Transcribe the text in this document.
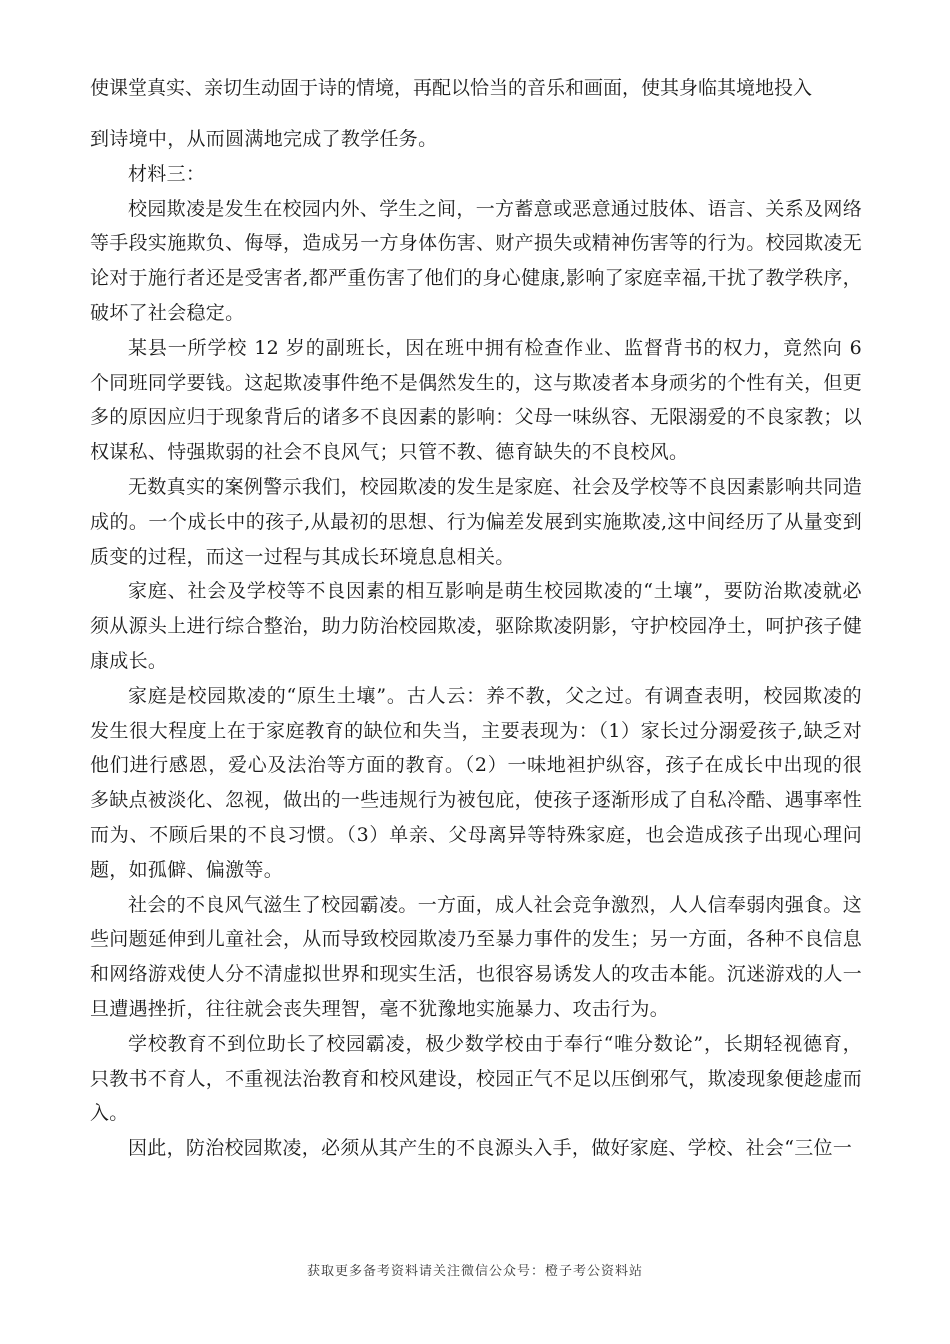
使课堂真实、亲切生动固于诗的情境，再配以恰当的音乐和画面，使其身临其境地投入

到诗境中，从而圆满地完成了教学任务。

材料三：

校园欺凌是发生在校园内外、学生之间，一方蓄意或恶意通过肢体、语言、关系及网络等手段实施欺负、侮辱，造成另一方身体伤害、财产损失或精神伤害等的行为。校园欺凌无论对于施行者还是受害者,都严重伤害了他们的身心健康,影响了家庭幸福,干扰了教学秩序，破坏了社会稳定。

某县一所学校 12 岁的副班长，因在班中拥有检查作业、监督背书的权力，竟然向 6 个同班同学要钱。这起欺凌事件绝不是偶然发生的，这与欺凌者本身顽劣的个性有关，但更多的原因应归于现象背后的诸多不良因素的影响：父母一味纵容、无限溺爱的不良家教；以权谋私、恃强欺弱的社会不良风气；只管不教、德育缺失的不良校风。

无数真实的案例警示我们，校园欺凌的发生是家庭、社会及学校等不良因素影响共同造成的。一个成长中的孩子,从最初的思想、行为偏差发展到实施欺凌,这中间经历了从量变到质变的过程，而这一过程与其成长环境息息相关。

家庭、社会及学校等不良因素的相互影响是萌生校园欺凌的“土壤”，要防治欺凌就必须从源头上进行综合整治，助力防治校园欺凌，驱除欺凌阴影，守护校园净土，呵护孩子健康成长。

家庭是校园欺凌的“原生土壤”。古人云：养不教，父之过。有调查表明，校园欺凌的发生很大程度上在于家庭教育的缺位和失当，主要表现为：（1）家长过分溺爱孩子,缺乏对他们进行感恩，爱心及法治等方面的教育。（2）一味地袒护纵容，孩子在成长中出现的很多缺点被淡化、忽视，做出的一些违规行为被包庇，使孩子逐渐形成了自私冷酷、遇事率性而为、不顾后果的不良习惯。（3）单亲、父母离异等特殊家庭，也会造成孩子出现心理问题，如孤僻、偏激等。

社会的不良风气滋生了校园霸凌。一方面，成人社会竞争激烈，人人信奉弱肉强食。这些问题延伸到儿童社会，从而导致校园欺凌乃至暴力事件的发生；另一方面，各种不良信息和网络游戏使人分不清虚拟世界和现实生活，也很容易诱发人的攻击本能。沉迷游戏的人一旦遭遇挫折，往往就会丧失理智，毫不犹豫地实施暴力、攻击行为。

学校教育不到位助长了校园霸凌，极少数学校由于奉行“唯分数论”，长期轻视德育，只教书不育人，不重视法治教育和校风建设，校园正气不足以压倒邪气，欺凌现象便趁虚而入。

因此，防治校园欺凌，必须从其产生的不良源头入手，做好家庭、学校、社会“三位一

获取更多备考资料请关注微信公众号：橙子考公资料站
